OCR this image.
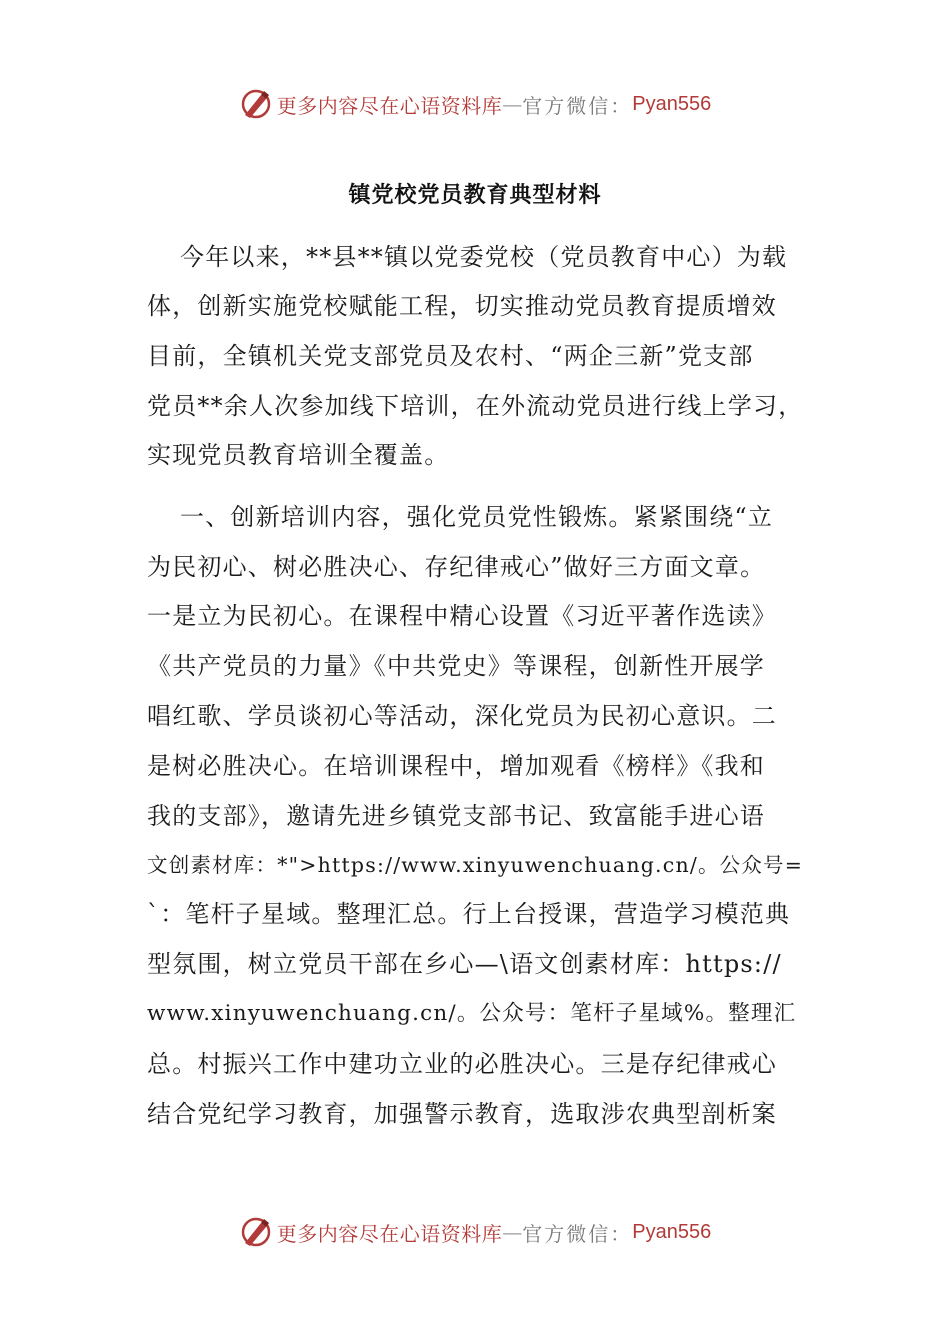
更多内容尽在心语资料库 — 官方微信： Pyan556
镇党校党员教育典型材料
今年以来，**县**镇以党委党校（党员教育中心）为载
体，创新实施党校赋能工程，切实推动党员教育提质增效
目前，全镇机关党支部党员及农村、“两企三新”党支部
党员**余人次参加线下培训，在外流动党员进行线上学习，
实现党员教育培训全覆盖。
一、创新培训内容，强化党员党性锻炼。紧紧围绕“立
为民初心、树必胜决心、存纪律戒心”做好三方面文章。
一是立为民初心。在课程中精心设置《习近平著作选读》
《共产党员的力量》《中共党史》等课程，创新性开展学
唱红歌、学员谈初心等活动，深化党员为民初心意识。二
是树必胜决心。在培训课程中，增加观看《榜样》《我和
我的支部》，邀请先进乡镇党支部书记、致富能手进心语
文创素材库：*">https://www.xinyuwenchuang.cn/。公众号=
`：笔杆子星域。整理汇总。行上台授课，营造学习模范典
型氛围，树立党员干部在乡心—\语文创素材库：https://
www.xinyuwenchuang.cn/。公众号：笔杆子星域%。整理汇
总。村振兴工作中建功立业的必胜决心。三是存纪律戒心
结合党纪学习教育，加强警示教育，选取涉农典型剖析案
更多内容尽在心语资料库 — 官方微信： Pyan556
